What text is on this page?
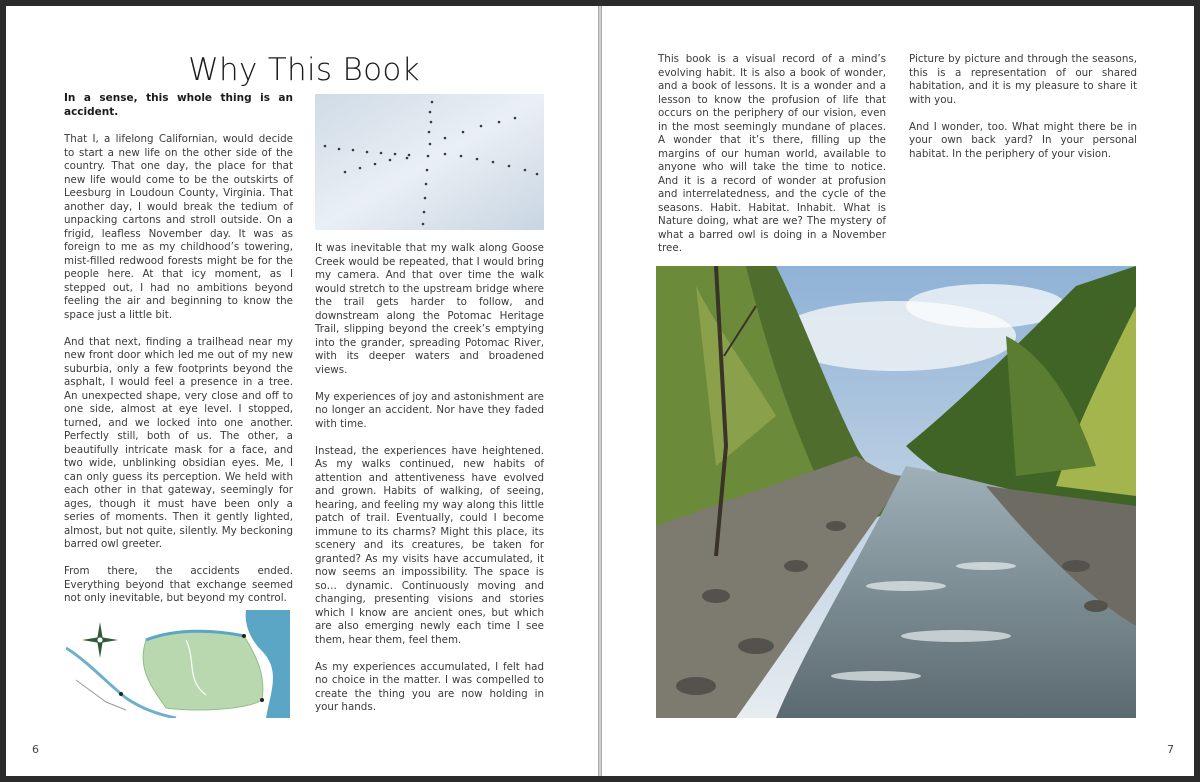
Why This Book

In a sense, this whole thing is an accident.

That I, a lifelong Californian, would decide to start a new life on the other side of the country. That one day, the place for that new life would come to be the outskirts of Leesburg in Loudoun County, Virginia. That another day, I would break the tedium of unpacking cartons and stroll outside. On a frigid, leafless November day. It was as foreign to me as my childhood’s towering, mist-filled redwood forests might be for the people here. At that icy moment, as I stepped out, I had no ambitions beyond feeling the air and beginning to know the space just a little bit.

And that next, finding a trailhead near my new front door which led me out of my new suburbia, only a few footprints beyond the asphalt, I would feel a presence in a tree. An unexpected shape, very close and off to one side, almost at eye level. I stopped, turned, and we locked into one another. Perfectly still, both of us. The other, a beautifully intricate mask for a face, and two wide, unblinking obsidian eyes. Me, I can only guess its perception. We held with each other in that gateway, seemingly for ages, though it must have been only a series of moments. Then it gently lighted, almost, but not quite, silently. My beckoning barred owl greeter.

From there, the accidents ended. Everything beyond that exchange seemed not only inevitable, but beyond my control.

It was inevitable that my walk along Goose Creek would be repeated, that I would bring my camera. And that over time the walk would stretch to the upstream bridge where the trail gets harder to follow, and downstream along the Potomac Heritage Trail, slipping beyond the creek’s emptying into the grander, spreading Potomac River, with its deeper waters and broadened views.

My experiences of joy and astonishment are no longer an accident. Nor have they faded with time.

Instead, the experiences have heightened. As my walks continued, new habits of attention and attentiveness have evolved and grown. Habits of walking, of seeing, hearing, and feeling my way along this little patch of trail. Eventually, could I become immune to its charms? Might this place, its scenery and its creatures, be taken for granted? As my visits have accumulated, it now seems an impossibility. The space is so… dynamic. Continuously moving and changing, presenting visions and stories which I know are ancient ones, but which are also emerging newly each time I see them, hear them, feel them.

As my experiences accumulated, I felt had no choice in the matter. I was compelled to create the thing you are now holding in your hands.

6

This book is a visual record of a mind’s evolving habit. It is also a book of wonder, and a book of lessons. It is a wonder and a lesson to know the profusion of life that occurs on the periphery of our vision, even in the most seemingly mundane of places. A wonder that it’s there, filling up the margins of our human world, available to anyone who will take the time to notice. And it is a record of wonder at profusion and interrelatedness, and the cycle of the seasons. Habit. Habitat. Inhabit. What is Nature doing, what are we? The mystery of what a barred owl is doing in a November tree.

Picture by picture and through the seasons, this is a representation of our shared habitation, and it is my pleasure to share it with you.

And I wonder, too. What might there be in your own back yard? In your personal habitat. In the periphery of your vision.

7
